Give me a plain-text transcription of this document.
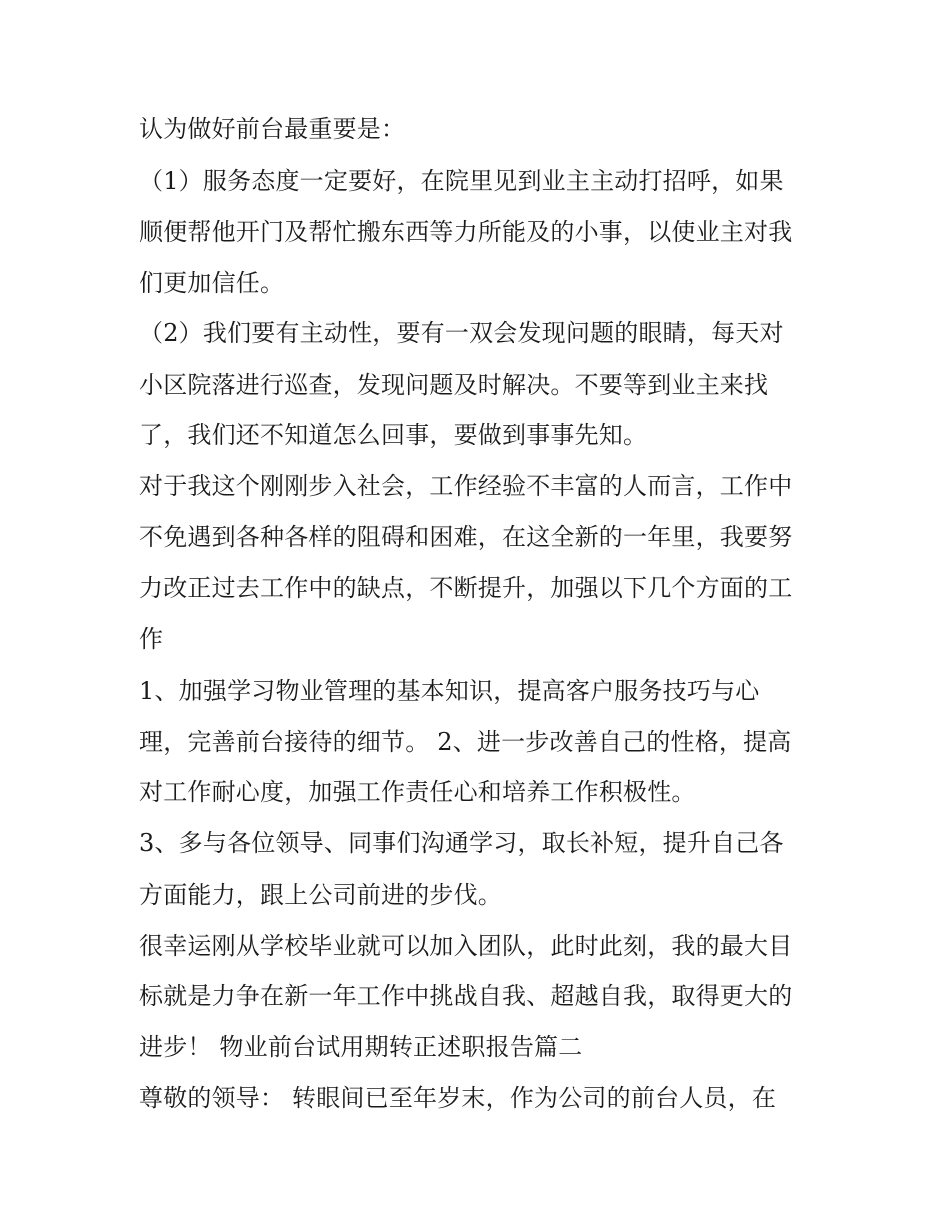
认为做好前台最重要是：
（1）服务态度一定要好，在院里见到业主主动打招呼，如果
顺便帮他开门及帮忙搬东西等力所能及的小事，以使业主对我
们更加信任。
（2）我们要有主动性，要有一双会发现问题的眼睛，每天对
小区院落进行巡查，发现问题及时解决。不要等到业主来找
了，我们还不知道怎么回事，要做到事事先知。
对于我这个刚刚步入社会，工作经验不丰富的人而言，工作中
不免遇到各种各样的阻碍和困难，在这全新的一年里，我要努
力改正过去工作中的缺点，不断提升，加强以下几个方面的工
作
1、加强学习物业管理的基本知识，提高客户服务技巧与心
理，完善前台接待的细节。 2、进一步改善自己的性格，提高
对工作耐心度，加强工作责任心和培养工作积极性。
3、多与各位领导、同事们沟通学习，取长补短，提升自己各
方面能力，跟上公司前进的步伐。
很幸运刚从学校毕业就可以加入团队，此时此刻，我的最大目
标就是力争在新一年工作中挑战自我、超越自我，取得更大的
进步！ 物业前台试用期转正述职报告篇二
尊敬的领导： 转眼间已至年岁末，作为公司的前台人员，在
